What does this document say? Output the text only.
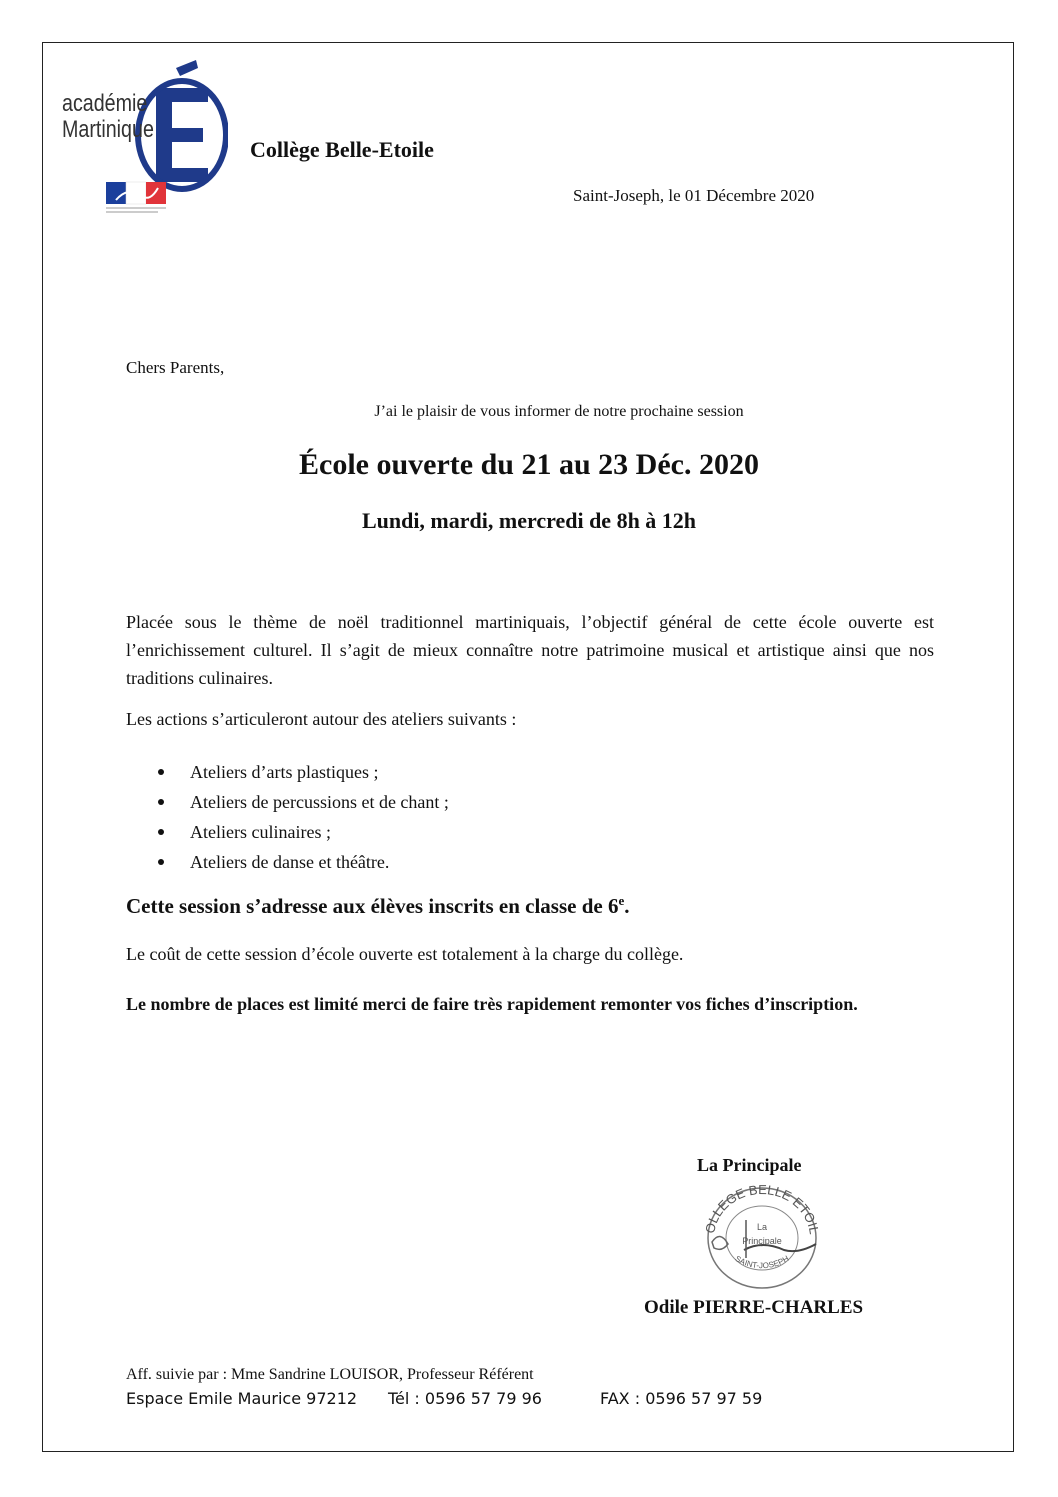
académie
Martinique
Collège Belle-Etoile
Saint-Joseph, le 01 Décembre 2020
Chers Parents,
J’ai le plaisir de vous informer de notre prochaine session
École ouverte du 21 au 23 Déc. 2020
Lundi, mardi, mercredi de 8h à 12h
Placée sous le thème de noël traditionnel martiniquais, l’objectif général de cette école ouverte est l’enrichissement culturel. Il s’agit de mieux connaître notre patrimoine musical et artistique ainsi que nos traditions culinaires.
Les actions s’articuleront autour des ateliers suivants :
Ateliers d’arts plastiques ;
Ateliers de percussions et de chant ;
Ateliers culinaires ;
Ateliers de danse et théâtre.
Cette session s’adresse aux élèves inscrits en classe de 6e.
Le coût de cette session d’école ouverte est totalement à la charge du collège.
Le nombre de places est limité merci de faire très rapidement remonter vos fiches d’inscription.
La Principale
OLLEGE BELLE ETOIL
SAINT-JOSEPH
La
Principale
Odile PIERRE-CHARLES
Aff. suivie par : Mme Sandrine LOUISOR, Professeur Référent
Espace Emile Maurice 97212 Tél : 0596 57 79 96	FAX : 0596 57 97 59
